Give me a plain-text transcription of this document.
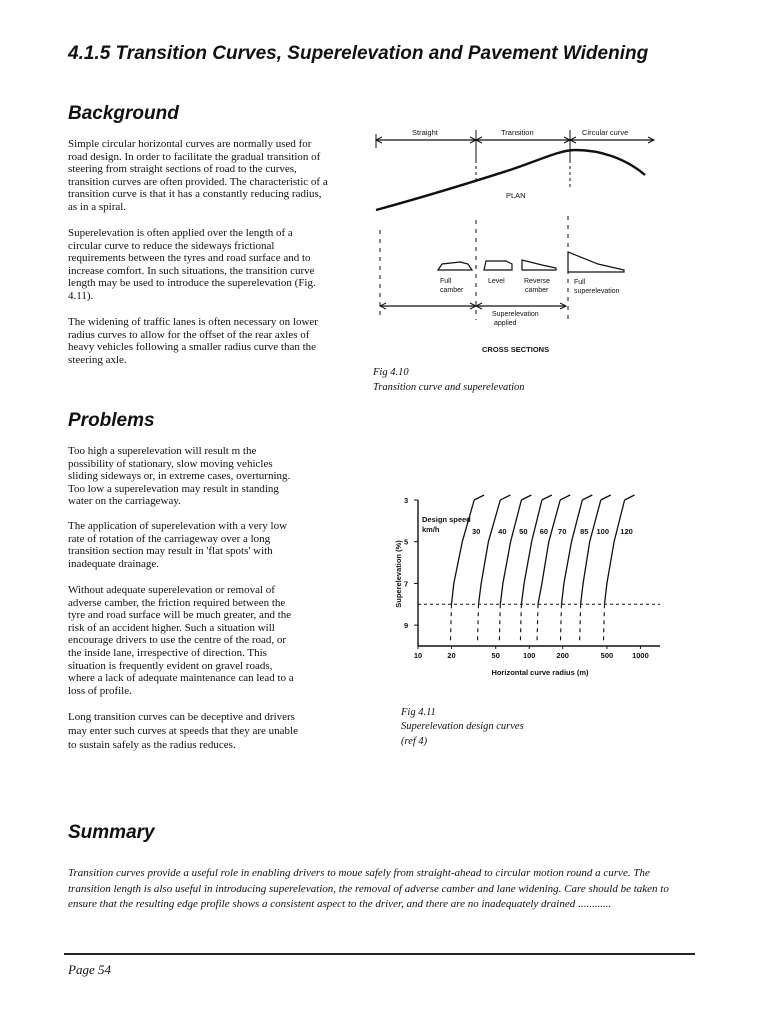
4.1.5 Transition Curves, Superelevation and Pavement Widening
Background
Simple circular horizontal curves are normally used for road design. In order to facilitate the gradual transition of steering from straight sections of road to the curves, transition curves are often provided. The characteristic of a transition curve is that it has a constantly reducing radius, as in a spiral.
Superelevation is often applied over the length of a circular curve to reduce the sideways frictional requirements between the tyres and road surface and to increase comfort. In such situations, the transition curve length may be used to introduce the superelevation (Fig. 4.11).
The widening of traffic lanes is often necessary on lower radius curves to allow for the offset of the rear axles of heavy vehicles following a smaller radius curve than the steering axle.
Problems
Too high a superelevation will result m the possibility of stationary, slow moving vehicles sliding sideways or, in extreme cases, overturning. Too low a superelevation may result in standing water on the carriageway.
The application of superelevation with a very low rate of rotation of the carriageway over a long transition section may result in 'flat spots' with inadequate drainage.
Without adequate superelevation or removal of adverse camber, the friction required between the tyre and road surface will be much greater, and the risk of an accident higher. Such a situation will encourage drivers to use the centre of the road, or the inside lane, irrespective of direction. This situation is frequently evident on gravel roads, where a lack of adequate maintenance can lead to a loss of profile.
Long transition curves can be deceptive and drivers may enter such curves at speeds that they are unable to sustain safely as the radius reduces.
Straight	Transition	Circular curve
PLAN
Full
camber
Level	Reverse
camber
Full
superelevation
Superelevation
applied
CROSS SECTIONS
Fig 4.10
Transition curve and superelevation
3
5
7
9
10	20	50	100	200	500	1000
30 40 50 60 70 85 100 120
Design speed
km/h
Horizontal curve radius (m)
Superelevation (%)
Fig 4.11
Superelevation design curves
(ref 4)
Summary
Transition curves provide a useful role in enabling drivers to moue safely from straight-ahead to circular motion round a curve. The transition length is also useful in introducing superelevation, the removal of adverse camber and lane widening. Care should be taken to ensure that the resulting edge profile shows a consistent aspect to the driver, and there are no inadequately drained ............
Page 54
